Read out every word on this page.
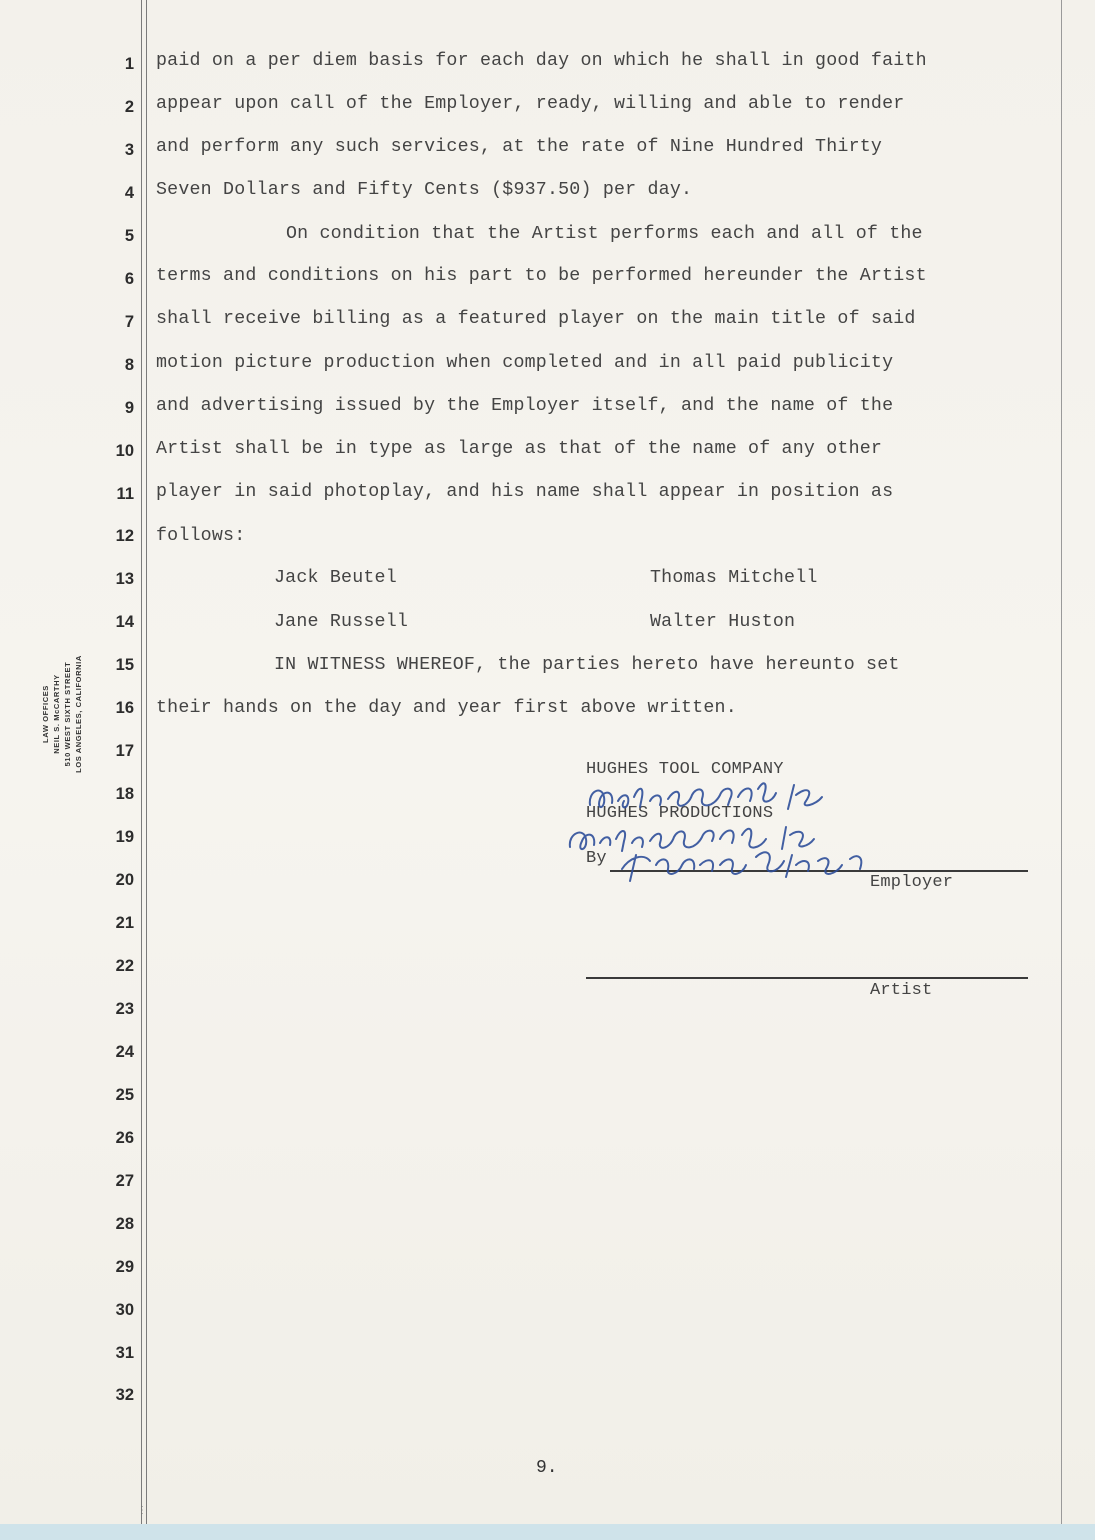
LAW OFFICES NEIL S. McCARTHY 510 WEST SIXTH STREET LOS ANGELES, CALIFORNIA
1
2
3
4
5
6
7
8
9
10
11
12
13
14
15
16
17
18
19
20
21
22
23
24
25
26
27
28
29
30
31
32
paid on a per diem basis for each day on which he shall in good faith
appear upon call of the Employer, ready, willing and able to render
and perform any such services, at the rate of Nine Hundred Thirty
Seven Dollars and Fifty Cents ($937.50) per day.
On condition that the Artist performs each and all of the
terms and conditions on his part to be performed hereunder the Artist
shall receive billing as a featured player on the main title of said
motion picture production when completed and in all paid publicity
and advertising issued by the Employer itself, and the name of the
Artist shall be in type as large as that of the name of any other
player in said photoplay, and his name shall appear in position as
follows:
Jack Beutel	Thomas Mitchell
Jane Russell	Walter Huston
IN WITNESS WHEREOF, the parties hereto have hereunto set
their hands on the day and year first above written.
HUGHES TOOL COMPANY
HUGHES PRODUCTIONS
By
Employer
Artist
9.
⋮
